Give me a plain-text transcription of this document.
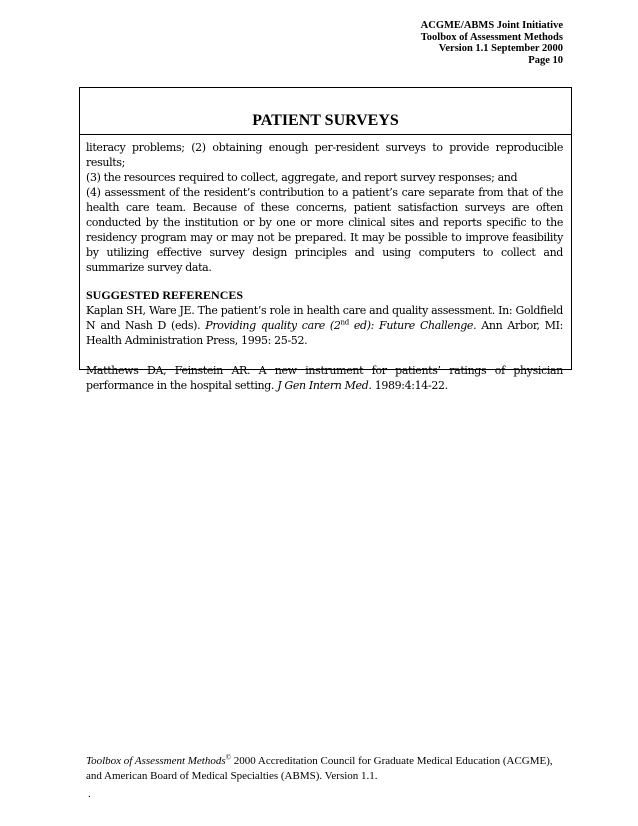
ACGME/ABMS Joint Initiative
Toolbox of Assessment Methods
Version 1.1 September 2000
Page 10
PATIENT SURVEYS

literacy problems; (2) obtaining enough per-resident surveys to provide reproducible results;
(3) the resources required to collect, aggregate, and report survey responses; and
(4) assessment of the resident’s contribution to a patient’s care separate from that of the health care team. Because of these concerns, patient satisfaction surveys are often conducted by the institution or by one or more clinical sites and reports specific to the residency program may or may not be prepared. It may be possible to improve feasibility by utilizing effective survey design principles and using computers to collect and summarize survey data.

SUGGESTED REFERENCES

Kaplan SH, Ware JE. The patient’s role in health care and quality assessment. In: Goldfield N and Nash D (eds). Providing quality care (2nd ed): Future Challenge. Ann Arbor, MI: Health Administration Press, 1995: 25-52.

Matthews DA, Feinstein AR. A new instrument for patients’ ratings of physician performance in the hospital setting. J Gen Intern Med. 1989:4:14-22.

Toolbox of Assessment Methods© 2000 Accreditation Council for Graduate Medical Education (ACGME), and American Board of Medical Specialties (ABMS). Version 1.1.
.
